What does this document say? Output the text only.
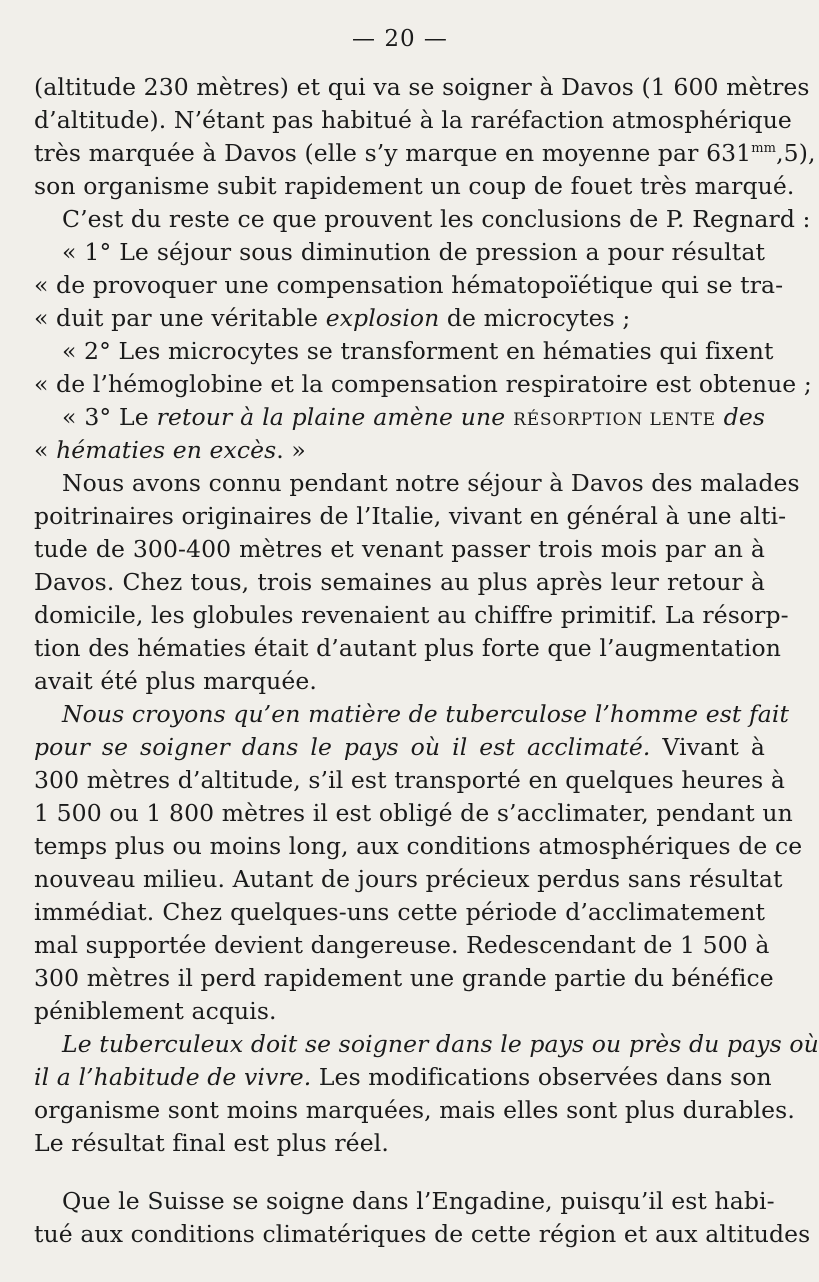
— 20 —
(altitude 230 mètres) et qui va se soigner à Davos (1 600 mètres
d’altitude). N’étant pas habitué à la raréfaction atmosphérique
très marquée à Davos (elle s’y marque en moyenne par $631^{mm},5$),
son organisme subit rapidement un coup de fouet très marqué.
C’est du reste ce que prouvent les conclusions de P. Regnard :
« 1° Le séjour sous diminution de pression a pour résultat
« de provoquer une compensation hématopoïétique qui se tra-
« duit par une véritable explosion de microcytes ;
« 2° Les microcytes se transforment en hématies qui fixent
« de l’hémoglobine et la compensation respiratoire est obtenue ;
« 3° Le retour à la plaine amène une RÉSORPTION LENTE des
« hématies en excès. »
Nous avons connu pendant notre séjour à Davos des malades
poitrinaires originaires de l’Italie, vivant en général à une alti-
tude de 300-400 mètres et venant passer trois mois par an à
Davos. Chez tous, trois semaines au plus après leur retour à
domicile, les globules revenaient au chiffre primitif. La résorp-
tion des hématies était d’autant plus forte que l’augmentation
avait été plus marquée.
Nous croyons qu’en matière de tuberculose l’homme est fait
pour se soigner dans le pays où il est acclimaté. Vivant à
300 mètres d’altitude, s’il est transporté en quelques heures à
1 500 ou 1 800 mètres il est obligé de s’acclimater, pendant un
temps plus ou moins long, aux conditions atmosphériques de ce
nouveau milieu. Autant de jours précieux perdus sans résultat
immédiat. Chez quelques-uns cette période d’acclimatement
mal supportée devient dangereuse. Redescendant de 1 500 à
300 mètres il perd rapidement une grande partie du bénéfice
péniblement acquis.
Le tuberculeux doit se soigner dans le pays ou près du pays où
il a l’habitude de vivre. Les modifications observées dans son
organisme sont moins marquées, mais elles sont plus durables.
Le résultat final est plus réel.
Que le Suisse se soigne dans l’Engadine, puisqu’il est habi-
tué aux conditions climatériques de cette région et aux altitudes
